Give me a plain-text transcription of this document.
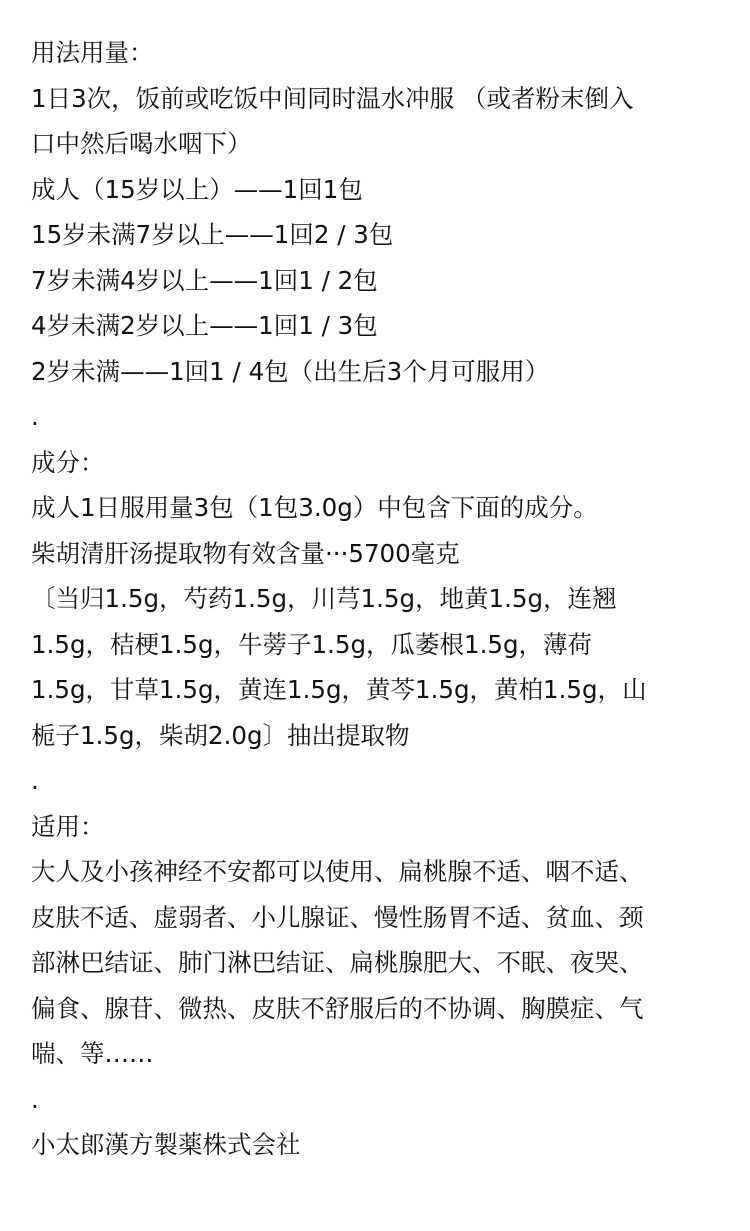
用法用量：
1日3次，饭前或吃饭中间同时温水冲服 （或者粉末倒入
口中然后喝水咽下）
成人（15岁以上）——1回1包
15岁未满7岁以上——1回2 / 3包
7岁未满4岁以上——1回1 / 2包
4岁未满2岁以上——1回1 / 3包
2岁未满——1回1 / 4包（出生后3个月可服用）
.
成分：
成人1日服用量3包（1包3.0g）中包含下面的成分。
柴胡清肝汤提取物有效含量···5700毫克
〔当归1.5g，芍药1.5g，川芎1.5g，地黄1.5g，连翘
1.5g，桔梗1.5g，牛蒡子1.5g，瓜萎根1.5g，薄荷
1.5g，甘草1.5g，黄连1.5g，黄芩1.5g，黄柏1.5g，山
栀子1.5g，柴胡2.0g〕抽出提取物
.
适用：
大人及小孩神经不安都可以使用、扁桃腺不适、咽不适、
皮肤不适、虚弱者、小儿腺证、慢性肠胃不适、贫血、颈
部淋巴结证、肺门淋巴结证、扁桃腺肥大、不眠、夜哭、
偏食、腺苷、微热、皮肤不舒服后的不协调、胸膜症、气
喘、等……
.
小太郎漢方製薬株式会社
